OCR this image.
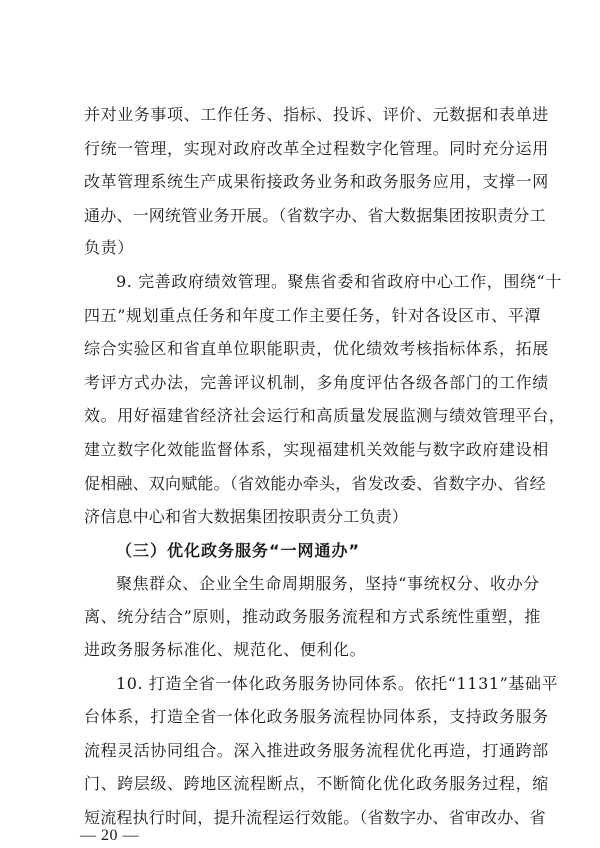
并对业务事项、工作任务、指标、投诉、评价、元数据和表单进
行统一管理，实现对政府改革全过程数字化管理。同时充分运用
改革管理系统生产成果衔接政务业务和政务服务应用，支撑一网
通办、一网统管业务开展。（省数字办、省大数据集团按职责分工
负责）
9. 完善政府绩效管理。聚焦省委和省政府中心工作，围绕“十
四五”规划重点任务和年度工作主要任务，针对各设区市、平潭
综合实验区和省直单位职能职责，优化绩效考核指标体系，拓展
考评方式办法，完善评议机制，多角度评估各级各部门的工作绩
效。用好福建省经济社会运行和高质量发展监测与绩效管理平台，
建立数字化效能监督体系，实现福建机关效能与数字政府建设相
促相融、双向赋能。（省效能办牵头，省发改委、省数字办、省经
济信息中心和省大数据集团按职责分工负责）
（三）优化政务服务“一网通办”
聚焦群众、企业全生命周期服务，坚持“事统权分、收办分
离、统分结合”原则，推动政务服务流程和方式系统性重塑，推
进政务服务标准化、规范化、便利化。
10. 打造全省一体化政务服务协同体系。依托“1131”基础平
台体系，打造全省一体化政务服务流程协同体系，支持政务服务
流程灵活协同组合。深入推进政务服务流程优化再造，打通跨部
门、跨层级、跨地区流程断点，不断简化优化政务服务过程，缩
短流程执行时间，提升流程运行效能。（省数字办、省审改办、省
— 20 —
